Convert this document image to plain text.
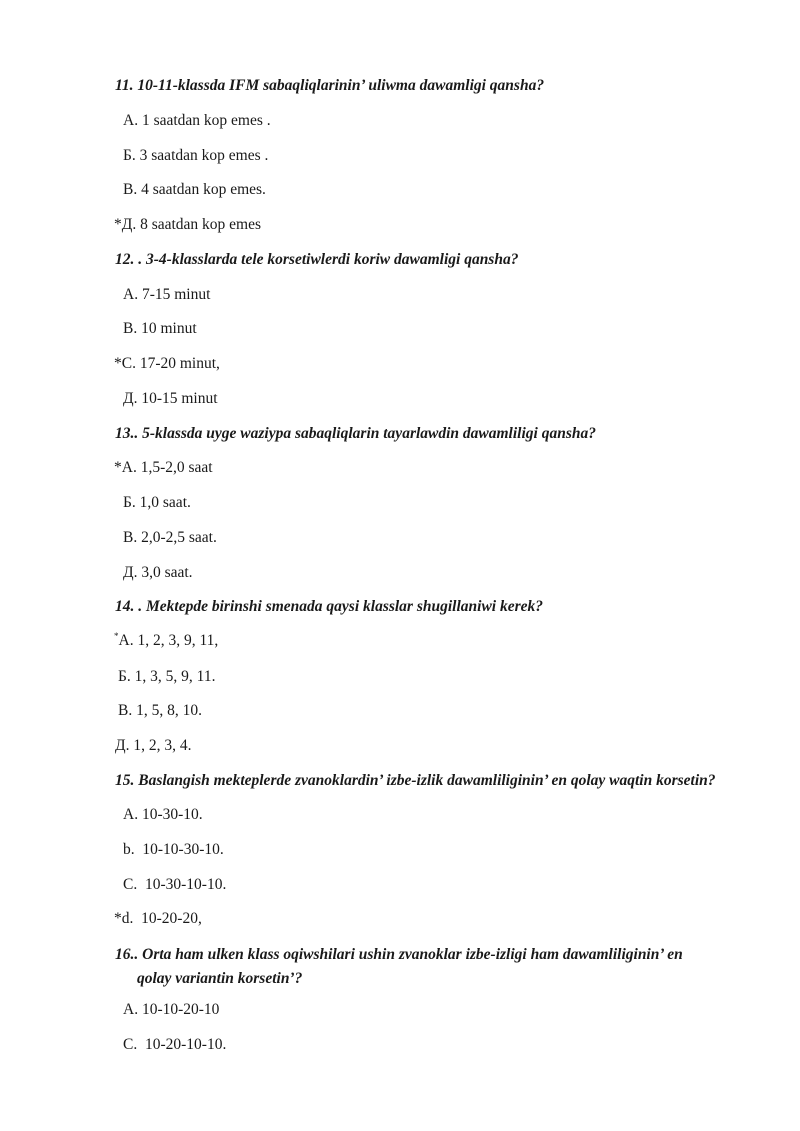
11. 10-11-klassda IFM sabaqliqlarinin’ uliwma dawamligi qansha?

A. 1 saatdan kop emes .

Б. 3 saatdan kop emes .

В. 4 saatdan kop emes.

*Д. 8 saatdan kop emes

12. . 3-4-klasslarda tele korsetiwlerdi koriw dawamligi qansha?

A. 7-15 minut

B. 10 minut

*C. 17-20 minut,

Д. 10-15 minut

13.. 5-klassda uyge waziypa sabaqliqlarin tayarlawdin dawamliligi qansha?

*A. 1,5-2,0 saat

Б. 1,0 saat.

В. 2,0-2,5 saat.

Д. 3,0 saat.

14. . Mektepde birinshi smenada qaysi klasslar shugillaniwi kerek?

*A. 1, 2, 3, 9, 11,

Б. 1, 3, 5, 9, 11.

В. 1, 5, 8, 10.

Д. 1, 2, 3, 4.

15. Baslangish mekteplerde zvanoklardin’ izbe-izlik dawamliliginin’ en qolay waqtin korsetin?

A. 10-30-10.

b.  10-10-30-10.

C.  10-30-10-10.

*d.  10-20-20,

16.. Orta ham ulken klass oqiwshilari ushin zvanoklar izbe-izligi ham dawamliliginin’ en
qolay variantin korsetin’?

A. 10-10-20-10

C.  10-20-10-10.
